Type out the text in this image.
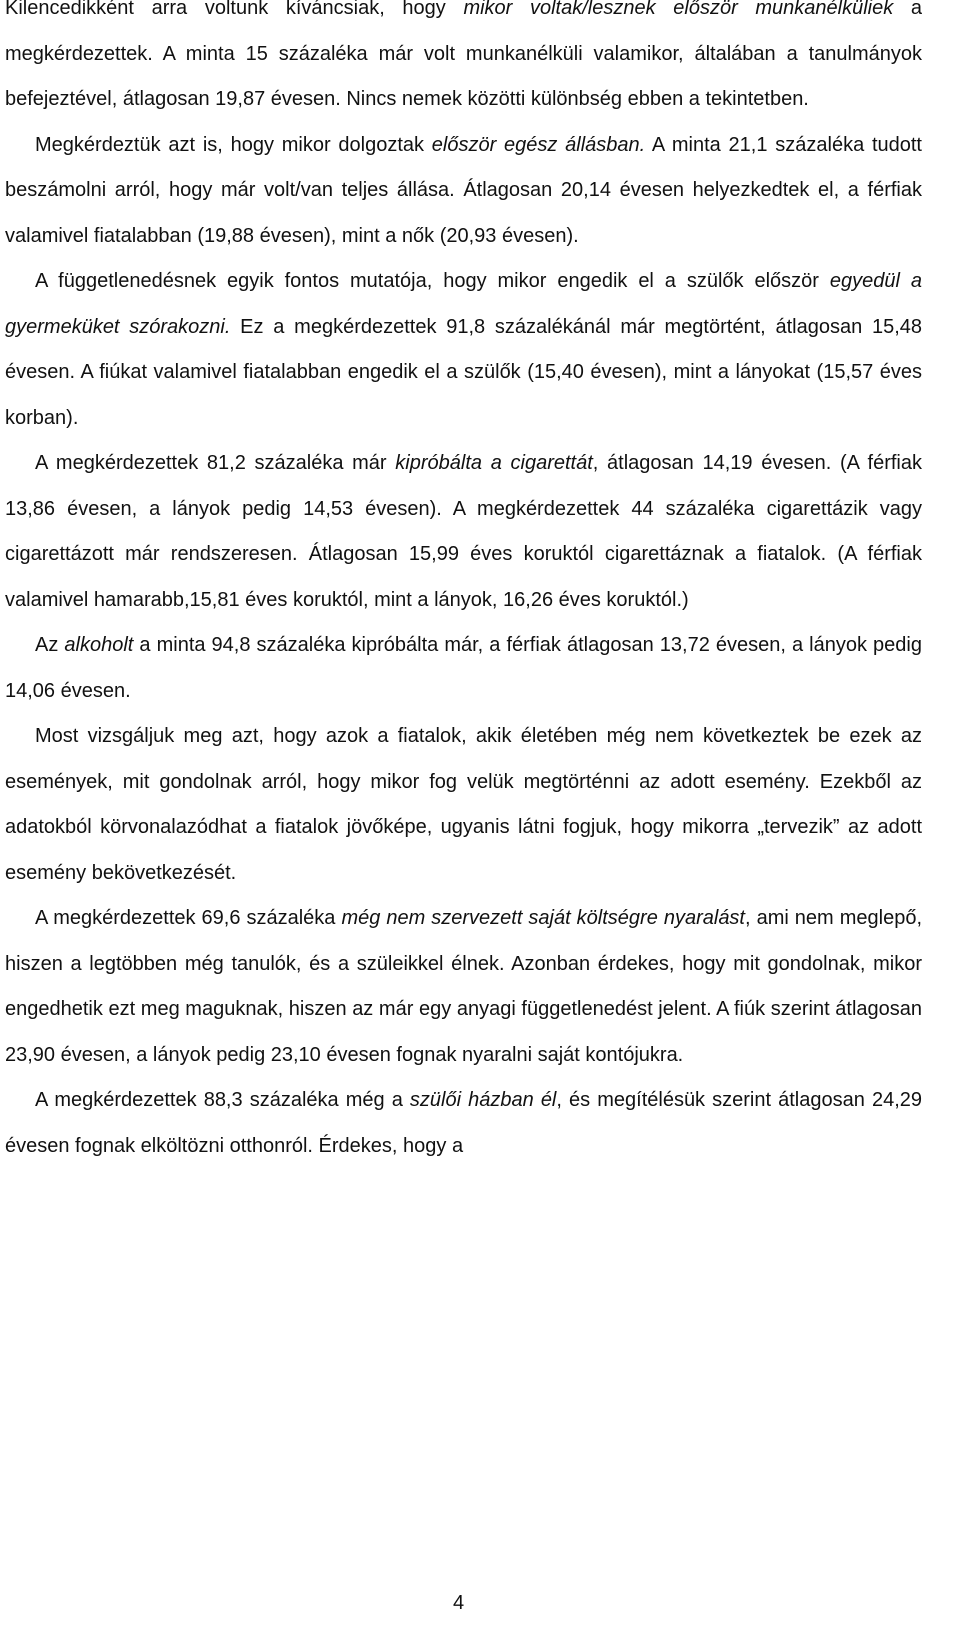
Kilencedikként arra voltunk kíváncsiak, hogy mikor voltak/lesznek először munkanélküliek a megkérdezettek. A minta 15 százaléka már volt munkanélküli valamikor, általában a tanulmányok befejeztével, átlagosan 19,87 évesen. Nincs nemek közötti különbség ebben a tekintetben.

Megkérdeztük azt is, hogy mikor dolgoztak először egész állásban. A minta 21,1 százaléka tudott beszámolni arról, hogy már volt/van teljes állása. Átlagosan 20,14 évesen helyezkedtek el, a férfiak valamivel fiatalabban (19,88 évesen), mint a nők (20,93 évesen).

A függetlenedésnek egyik fontos mutatója, hogy mikor engedik el a szülők először egyedül a gyermeküket szórakozni. Ez a megkérdezettek 91,8 százalékánál már megtörtént, átlagosan 15,48 évesen. A fiúkat valamivel fiatalabban engedik el a szülők (15,40 évesen), mint a lányokat (15,57 éves korban).

A megkérdezettek 81,2 százaléka már kipróbálta a cigarettát, átlagosan 14,19 évesen. (A férfiak 13,86 évesen, a lányok pedig 14,53 évesen). A megkérdezettek 44 százaléka cigarettázik vagy cigarettázott már rendszeresen. Átlagosan 15,99 éves koruktól cigarettáznak a fiatalok. (A férfiak valamivel hamarabb,15,81 éves koruktól, mint a lányok, 16,26 éves koruktól.)

Az alkoholt a minta 94,8 százaléka kipróbálta már, a férfiak átlagosan 13,72 évesen, a lányok pedig 14,06 évesen.

Most vizsgáljuk meg azt, hogy azok a fiatalok, akik életében még nem következtek be ezek az események, mit gondolnak arról, hogy mikor fog velük megtörténni az adott esemény. Ezekből az adatokból körvonalazódhat a fiatalok jövőképe, ugyanis látni fogjuk, hogy mikorra „tervezik” az adott esemény bekövetkezését.

A megkérdezettek 69,6 százaléka még nem szervezett saját költségre nyaralást, ami nem meglepő, hiszen a legtöbben még tanulók, és a szüleikkel élnek. Azonban érdekes, hogy mit gondolnak, mikor engedhetik ezt meg maguknak, hiszen az már egy anyagi függetlenedést jelent. A fiúk szerint átlagosan 23,90 évesen, a lányok pedig 23,10 évesen fognak nyaralni saját kontójukra.

A megkérdezettek 88,3 százaléka még a szülői házban él, és megítélésük szerint átlagosan 24,29 évesen fognak elköltözni otthonról. Érdekes, hogy a

4
